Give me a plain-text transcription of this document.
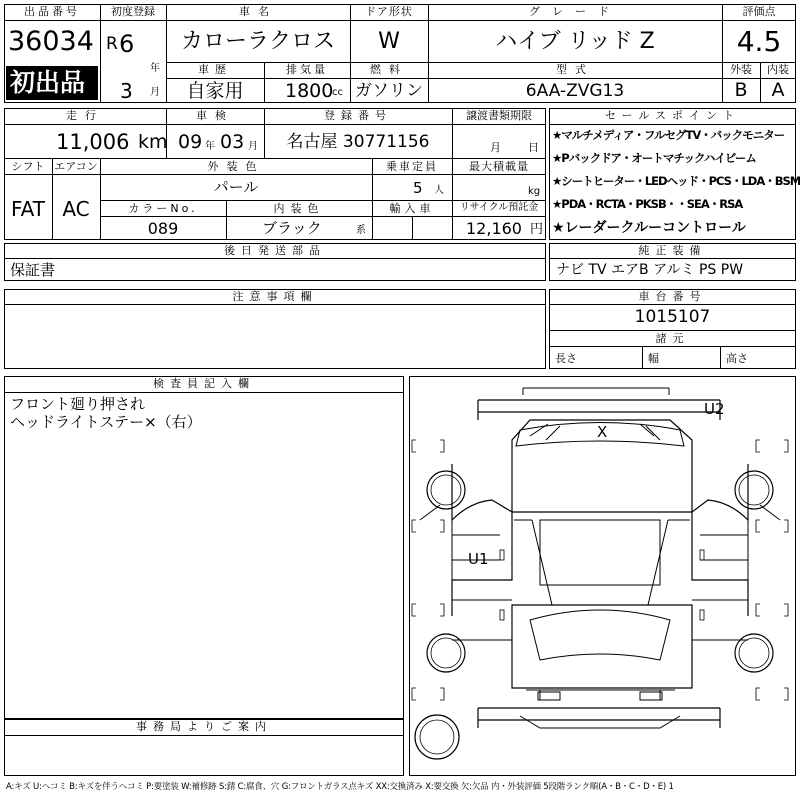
出品番号
36034
初出品
初度登録
R 6
年
3 月
車名
カローラクロス
ドア形状
W
グレード
ハイブ リッド Z
評価点
4.5
車歴
自家用
排気量
1800
cc
燃料
ガソリン
型式
6AA-ZVG13
外装
B
内装
A
走行
11,006 km
車検
09 年 03 月
登録番号
名古屋 30771156
譲渡書類期限
月 日
シフト
FAT
エアコン
AC
外装色
パール
乗車定員
5 人
最大積載量
kg
カラーNo.
089
内装色
ブラック	系
輸入車	リサイクル預託金
12,160 円
セールスポイント
★マルチメディア・フルセグTV・バックモニター
★Pバックドア・オートマチックハイビーム
★シートヒーター・LEDヘッド・PCS・LDA・BSM
★PDA・RCTA・PKSB・・SEA・RSA
★レーダークルーコントロール
後日発送部品
保証書
純正装備
ナビ TV エアB アルミ PS PW
注意事項欄	車台番号
1015107
諸元
長さ	幅	高さ
検査員記入欄
フロント廻り押され
ヘッドライトステー×（右）
事務局よりご案内
U2
X
U1
A:キズ U:ヘコミ B:キズを伴うヘコミ P:要塗装 W:補修跡 S:錆 C:腐食、穴 G:フロントガラス点キズ XX:交換済み X:要交換 欠:欠品 内・外装評価 5段階ランク順(A・B・C・D・E) 1
